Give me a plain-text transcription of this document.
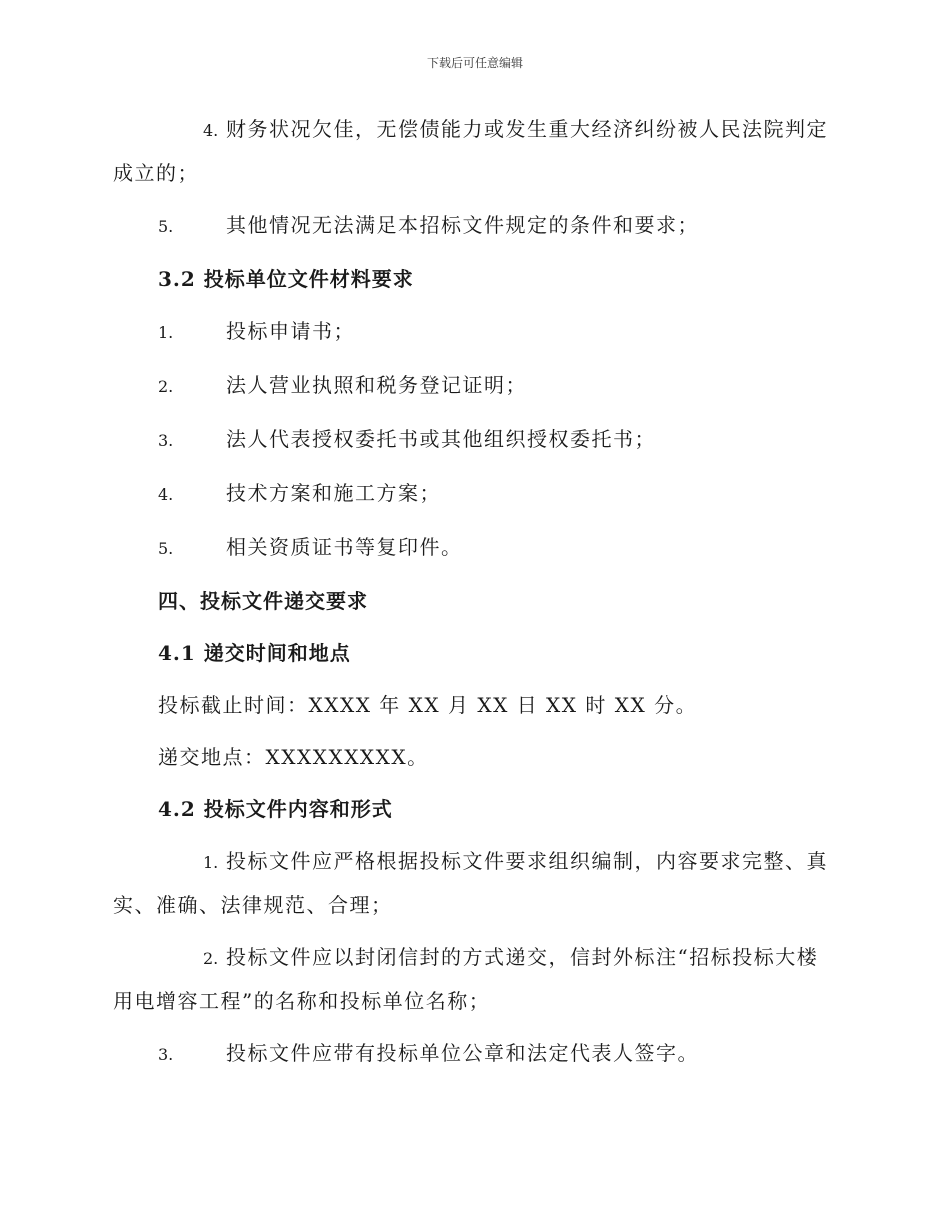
下载后可任意编辑

4. 财务状况欠佳，无偿债能力或发生重大经济纠纷被人民法院判定成立的；

5.	其他情况无法满足本招标文件规定的条件和要求；

3.2 投标单位文件材料要求

1.	投标申请书；

2.	法人营业执照和税务登记证明；

3.	法人代表授权委托书或其他组织授权委托书；

4.	技术方案和施工方案；

5.	相关资质证书等复印件。

四、投标文件递交要求

4.1 递交时间和地点

投标截止时间：XXXX 年 XX 月 XX 日 XX 时 XX 分。

递交地点：XXXXXXXXX。

4.2 投标文件内容和形式

1. 投标文件应严格根据投标文件要求组织编制，内容要求完整、真实、准确、法律规范、合理；

2. 投标文件应以封闭信封的方式递交，信封外标注“招标投标大楼用电增容工程”的名称和投标单位名称；

3.	投标文件应带有投标单位公章和法定代表人签字。
